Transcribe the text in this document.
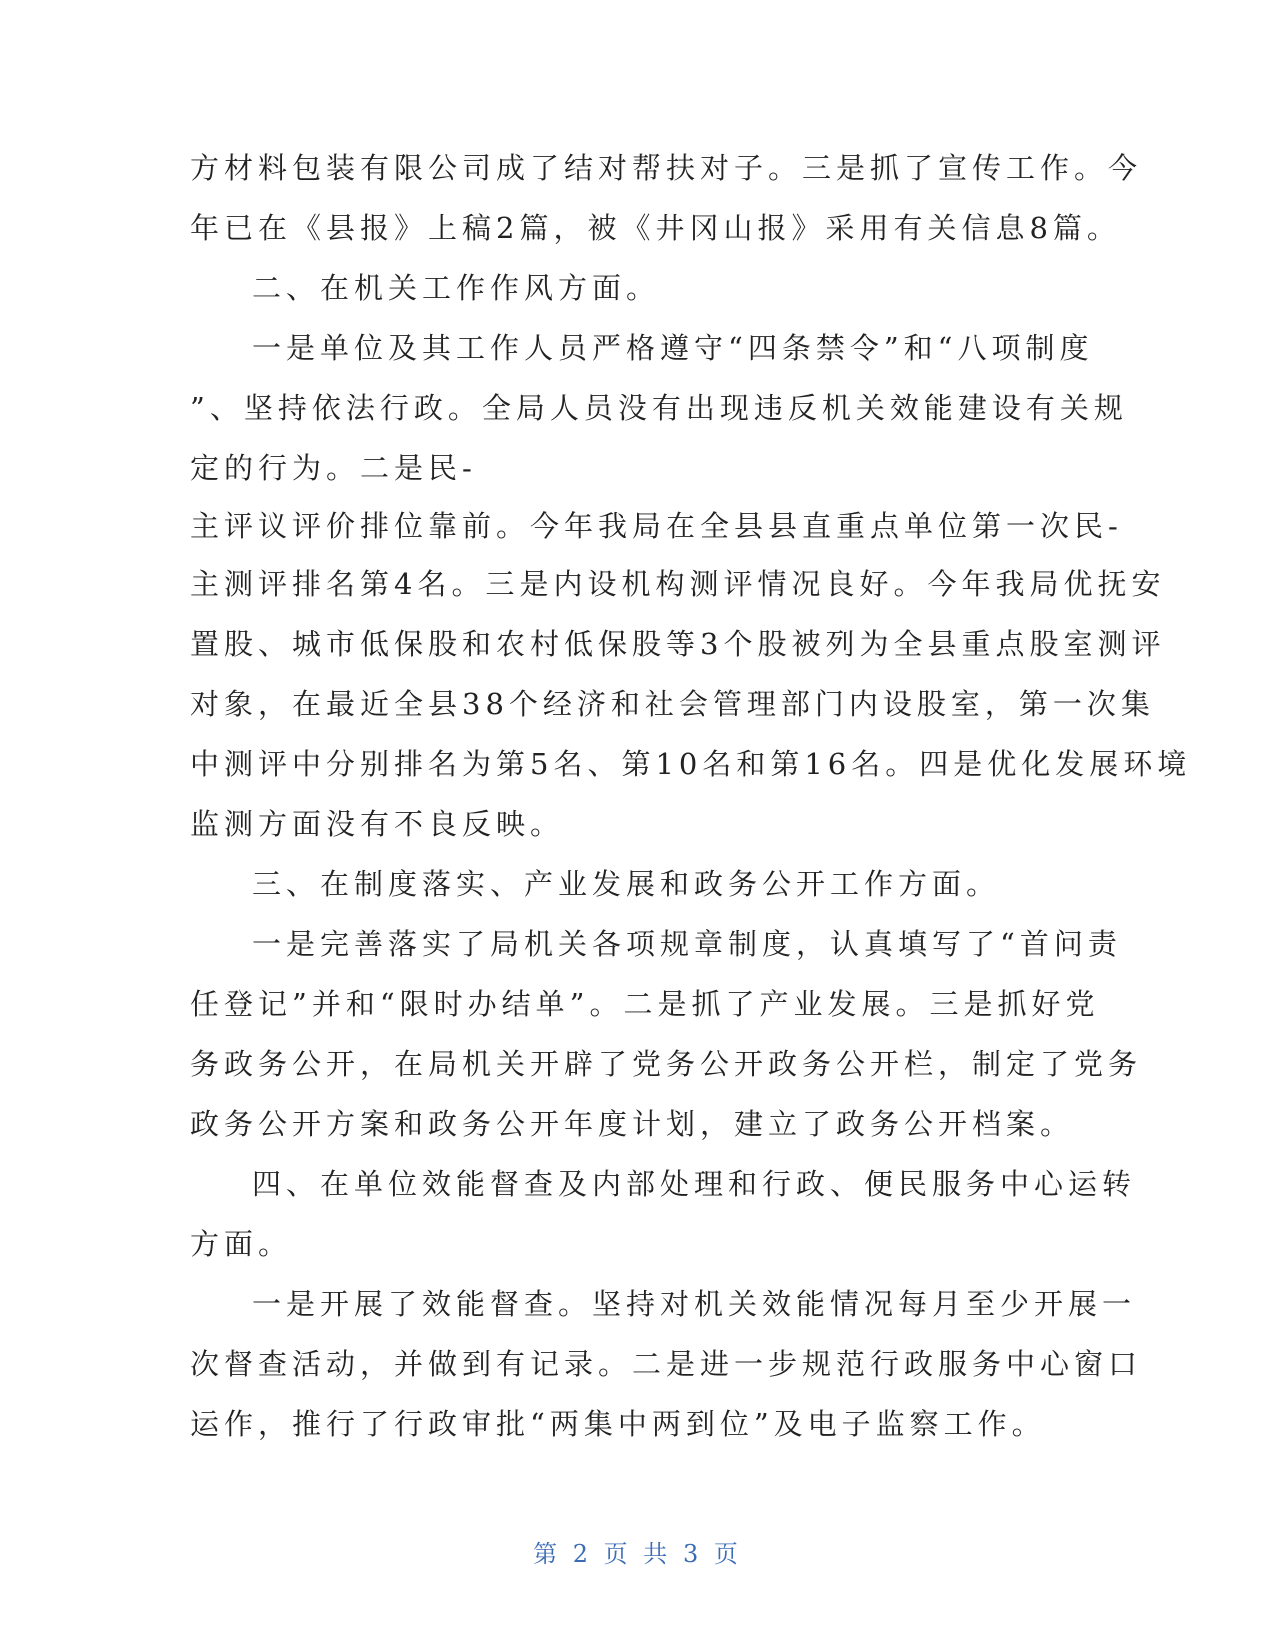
方材料包装有限公司成了结对帮扶对子。三是抓了宣传工作。今
年已在《县报》上稿2篇，被《井冈山报》采用有关信息8篇。
二、在机关工作作风方面。
一是单位及其工作人员严格遵守“四条禁令”和“八项制度
”、坚持依法行政。全局人员没有出现违反机关效能建设有关规
定的行为。二是民-
主评议评价排位靠前。今年我局在全县县直重点单位第一次民-
主测评排名第4名。三是内设机构测评情况良好。今年我局优抚安
置股、城市低保股和农村低保股等3个股被列为全县重点股室测评
对象，在最近全县38个经济和社会管理部门内设股室，第一次集
中测评中分别排名为第5名、第10名和第16名。四是优化发展环境
监测方面没有不良反映。
三、在制度落实、产业发展和政务公开工作方面。
一是完善落实了局机关各项规章制度，认真填写了“首问责
任登记”并和“限时办结单”。二是抓了产业发展。三是抓好党
务政务公开，在局机关开辟了党务公开政务公开栏，制定了党务
政务公开方案和政务公开年度计划，建立了政务公开档案。
四、在单位效能督查及内部处理和行政、便民服务中心运转
方面。
一是开展了效能督查。坚持对机关效能情况每月至少开展一
次督查活动，并做到有记录。二是进一步规范行政服务中心窗口
运作，推行了行政审批“两集中两到位”及电子监察工作。
第 2 页 共 3 页
